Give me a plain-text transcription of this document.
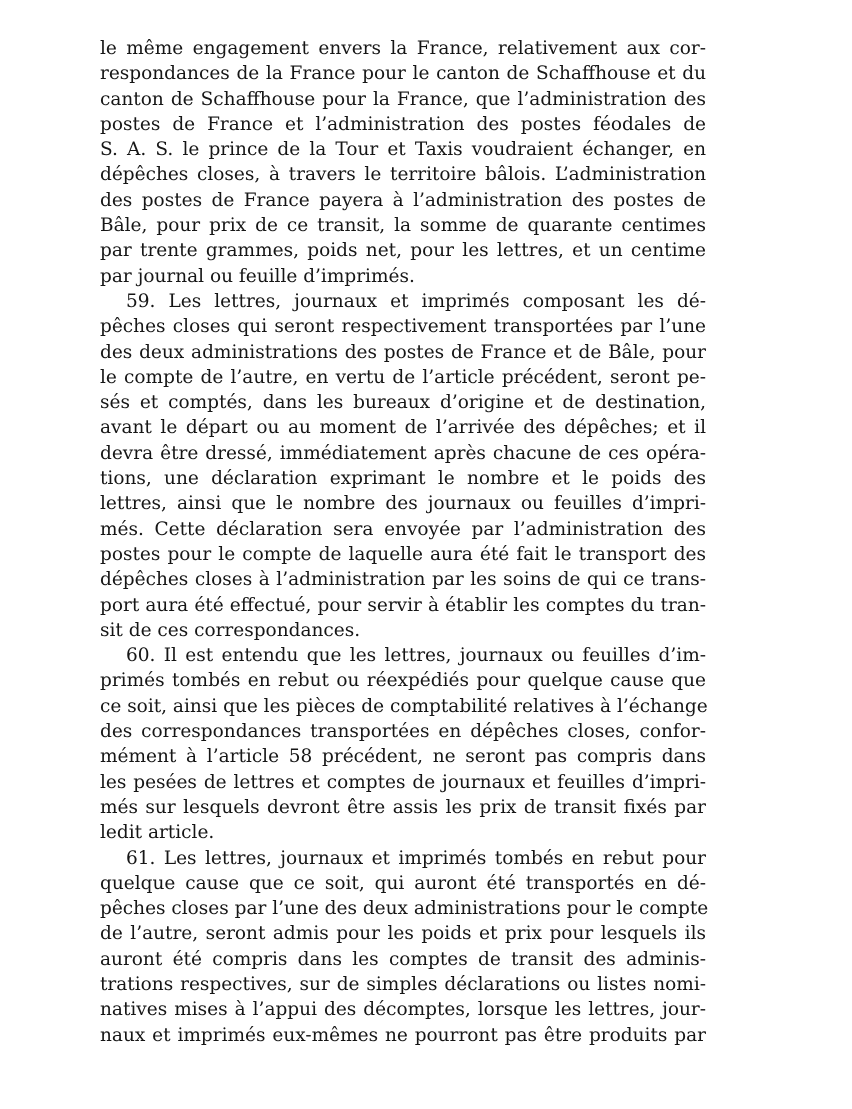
le même engagement envers la France, relativement aux cor-
respondances de la France pour le canton de Schaffhouse et du
canton de Schaffhouse pour la France, que l’administration des
postes de France et l’administration des postes féodales de
S. A. S. le prince de la Tour et Taxis voudraient échanger, en
dépêches closes, à travers le territoire bâlois. L’administration
des postes de France payera à l’administration des postes de
Bâle, pour prix de ce transit, la somme de quarante centimes
par trente grammes, poids net, pour les lettres, et un centime
par journal ou feuille d’imprimés.
59. Les lettres, journaux et imprimés composant les dé-
pêches closes qui seront respectivement transportées par l’une
des deux administrations des postes de France et de Bâle, pour
le compte de l’autre, en vertu de l’article précédent, seront pe-
sés et comptés, dans les bureaux d’origine et de destination,
avant le départ ou au moment de l’arrivée des dépêches; et il
devra être dressé, immédiatement après chacune de ces opéra-
tions, une déclaration exprimant le nombre et le poids des
lettres, ainsi que le nombre des journaux ou feuilles d’impri-
més. Cette déclaration sera envoyée par l’administration des
postes pour le compte de laquelle aura été fait le transport des
dépêches closes à l’administration par les soins de qui ce trans-
port aura été effectué, pour servir à établir les comptes du tran-
sit de ces correspondances.
60. Il est entendu que les lettres, journaux ou feuilles d’im-
primés tombés en rebut ou réexpédiés pour quelque cause que
ce soit, ainsi que les pièces de comptabilité relatives à l’échange
des correspondances transportées en dépêches closes, confor-
mément à l’article 58 précédent, ne seront pas compris dans
les pesées de lettres et comptes de journaux et feuilles d’impri-
més sur lesquels devront être assis les prix de transit fixés par
ledit article.
61. Les lettres, journaux et imprimés tombés en rebut pour
quelque cause que ce soit, qui auront été transportés en dé-
pêches closes par l’une des deux administrations pour le compte
de l’autre, seront admis pour les poids et prix pour lesquels ils
auront été compris dans les comptes de transit des adminis-
trations respectives, sur de simples déclarations ou listes nomi-
natives mises à l’appui des décomptes, lorsque les lettres, jour-
naux et imprimés eux-mêmes ne pourront pas être produits par
